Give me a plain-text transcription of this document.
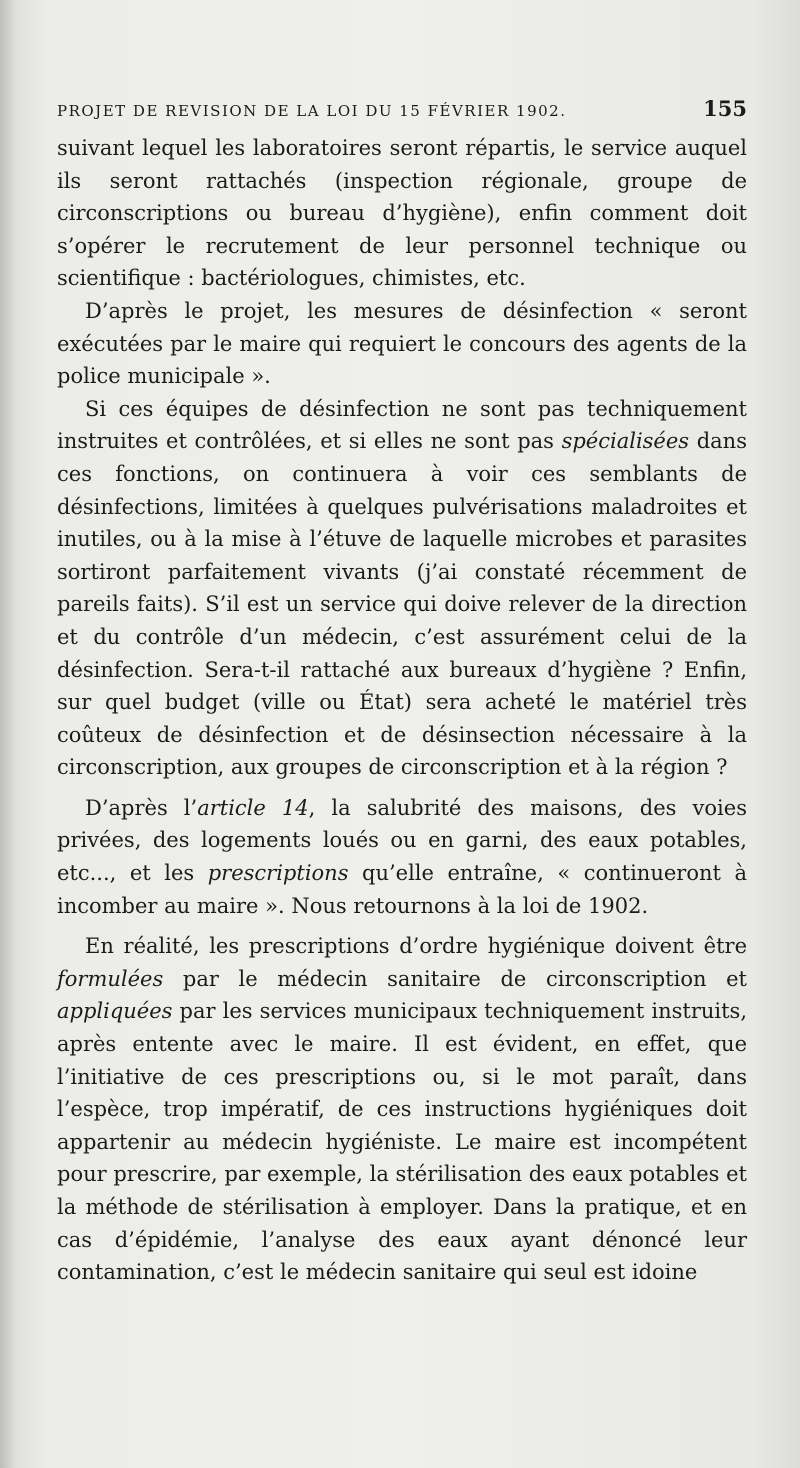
PROJET DE REVISION DE LA LOI DU 15 FÉVRIER 1902.	155

suivant lequel les laboratoires seront répartis, le service auquel ils seront rattachés (inspection régionale, groupe de circonscriptions ou bureau d’hygiène), enfin comment doit s’opérer le recrutement de leur personnel technique ou scientifique : bactériologues, chimistes, etc.

D’après le projet, les mesures de désinfection « seront exécutées par le maire qui requiert le concours des agents de la police municipale ».

Si ces équipes de désinfection ne sont pas techniquement instruites et contrôlées, et si elles ne sont pas spécialisées dans ces fonctions, on continuera à voir ces semblants de désinfections, limitées à quelques pulvérisations maladroites et inutiles, ou à la mise à l’étuve de laquelle microbes et parasites sortiront parfaitement vivants (j’ai constaté récemment de pareils faits). S’il est un service qui doive relever de la direction et du contrôle d’un médecin, c’est assurément celui de la désinfection. Sera-t-il rattaché aux bureaux d’hygiène ? Enfin, sur quel budget (ville ou État) sera acheté le matériel très coûteux de désinfection et de désinsection nécessaire à la circonscription, aux groupes de circonscription et à la région ?

D’après l’article 14, la salubrité des maisons, des voies privées, des logements loués ou en garni, des eaux potables, etc..., et les prescriptions qu’elle entraîne, « continueront à incomber au maire ». Nous retournons à la loi de 1902.

En réalité, les prescriptions d’ordre hygiénique doivent être formulées par le médecin sanitaire de circonscription et appliquées par les services municipaux techniquement instruits, après entente avec le maire. Il est évident, en effet, que l’initiative de ces prescriptions ou, si le mot paraît, dans l’espèce, trop impératif, de ces instructions hygiéniques doit appartenir au médecin hygiéniste. Le maire est incompétent pour prescrire, par exemple, la stérilisation des eaux potables et la méthode de stérilisation à employer. Dans la pratique, et en cas d’épidémie, l’analyse des eaux ayant dénoncé leur contamination, c’est le médecin sanitaire qui seul est idoine
